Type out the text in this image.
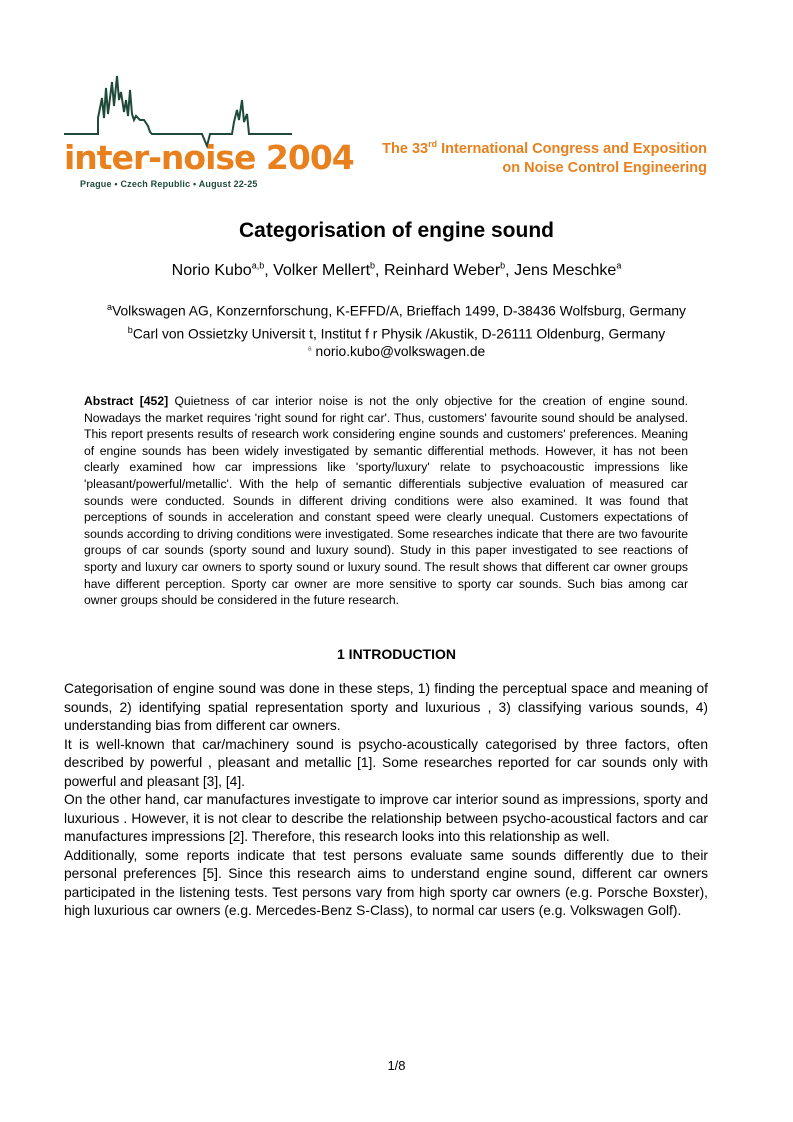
inter-noise 2004
Prague • Czech Republic • August 22-25
The 33rd International Congress and Exposition
on Noise Control Engineering
Categorisation of engine sound
Norio Kubo$^{a,b}$, Volker Mellert$^b$, Reinhard Weber$^b$, Jens Meschke$^a$
$^a$Volkswagen AG, Konzernforschung, K-EFFD/A, Brieffach 1499, D-38436 Wolfsburg, Germany
$^b$Carl von Ossietzky Universit t, Institut f r Physik /Akustik, D-26111 Oldenburg, Germany
$^a$ norio.kubo@volkswagen.de
Abstract [452] Quietness of car interior noise is not the only objective for the creation of engine sound. Nowadays the market requires 'right sound for right car'. Thus, customers' favourite sound should be analysed. This report presents results of research work considering engine sounds and customers' preferences. Meaning of engine sounds has been widely investigated by semantic differential methods. However, it has not been clearly examined how car impressions like 'sporty/luxury' relate to psychoacoustic impressions like 'pleasant/powerful/metallic'. With the help of semantic differentials subjective evaluation of measured car sounds were conducted. Sounds in different driving conditions were also examined. It was found that perceptions of sounds in acceleration and constant speed were clearly unequal. Customers expectations of sounds according to driving conditions were investigated. Some researches indicate that there are two favourite groups of car sounds (sporty sound and luxury sound). Study in this paper investigated to see reactions of sporty and luxury car owners to sporty sound or luxury sound. The result shows that different car owner groups have different perception. Sporty car owner are more sensitive to sporty car sounds. Such bias among car owner groups should be considered in the future research.
1 INTRODUCTION

Categorisation of engine sound was done in these steps, 1) finding the perceptual space and meaning of sounds, 2) identifying spatial representation sporty and luxurious , 3) classifying various sounds, 4) understanding bias from different car owners.

It is well-known that car/machinery sound is psycho-acoustically categorised by three factors, often described by powerful , pleasant and metallic [1]. Some researches reported for car sounds only with powerful and pleasant [3], [4].

On the other hand, car manufactures investigate to improve car interior sound as impressions, sporty and luxurious . However, it is not clear to describe the relationship between psycho-acoustical factors and car manufactures impressions [2]. Therefore, this research looks into this relationship as well.

Additionally, some reports indicate that test persons evaluate same sounds differently due to their personal preferences [5]. Since this research aims to understand engine sound, different car owners participated in the listening tests. Test persons vary from high sporty car owners (e.g. Porsche Boxster), high luxurious car owners (e.g. Mercedes-Benz S-Class), to normal car users (e.g. Volkswagen Golf).

1/8
